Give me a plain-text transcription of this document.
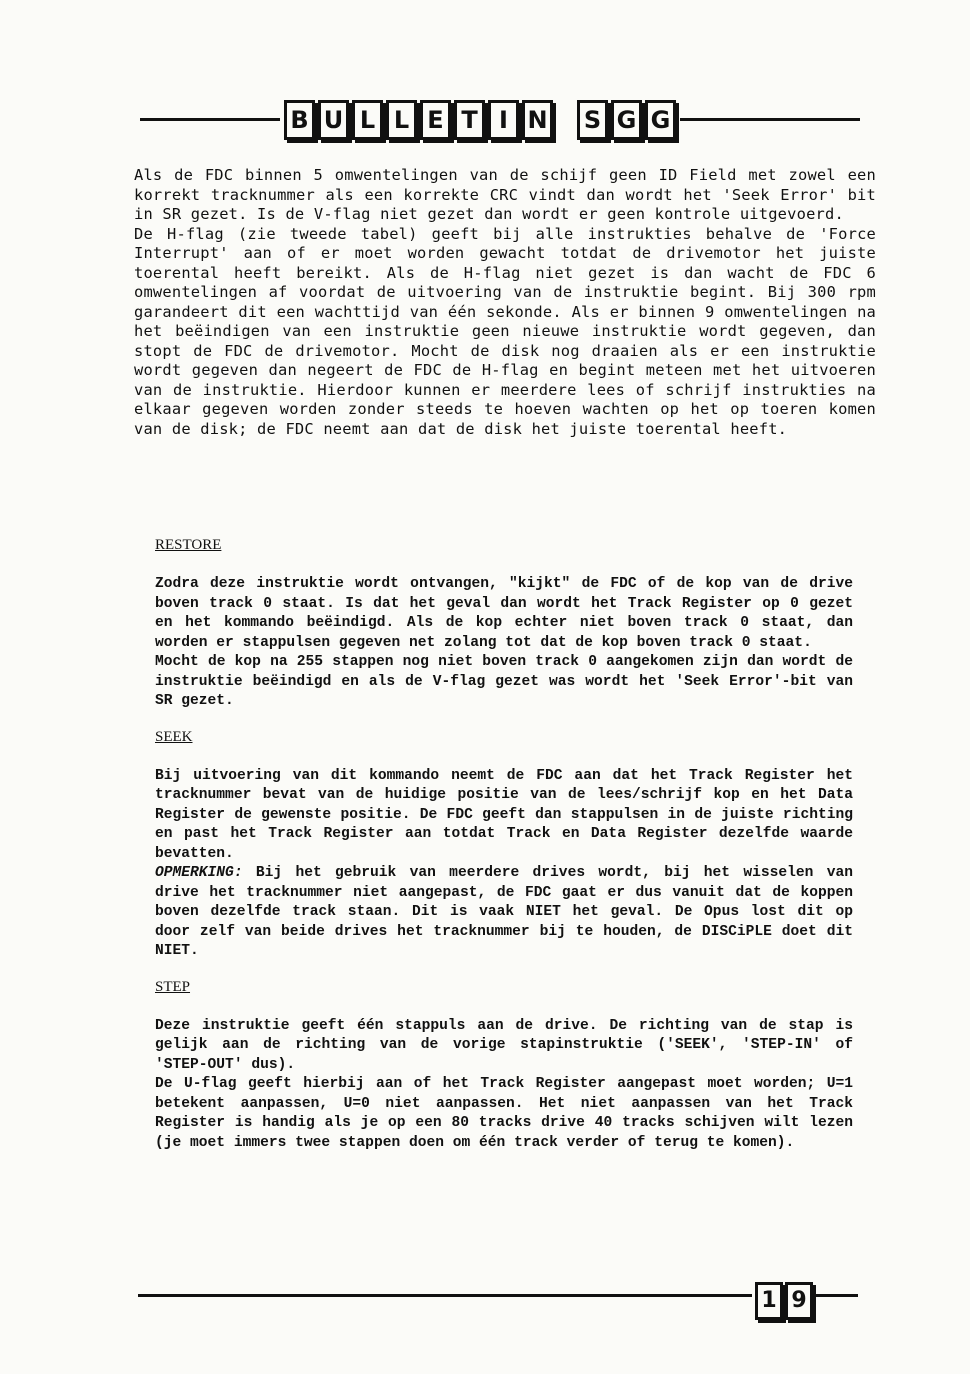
B U L L E T I N S G G

Als de FDC binnen 5 omwentelingen van de schijf geen ID Field met zowel een korrekt tracknummer als een korrekte CRC vindt dan wordt het 'Seek Error' bit in SR gezet. Is de V-flag niet gezet dan wordt er geen kontrole uitgevoerd.

De H-flag (zie tweede tabel) geeft bij alle instrukties behalve de 'Force Interrupt' aan of er moet worden gewacht totdat de drivemotor het juiste toerental heeft bereikt. Als de H-flag niet gezet is dan wacht de FDC 6 omwentelingen af voordat de uitvoering van de instruktie begint. Bij 300 rpm garandeert dit een wachttijd van één sekonde. Als er binnen 9 omwentelingen na het beëindigen van een instruktie geen nieuwe instruktie wordt gegeven, dan stopt de FDC de drivemotor. Mocht de disk nog draaien als er een instruktie wordt gegeven dan negeert de FDC de H-flag en begint meteen met het uitvoeren van de instruktie. Hierdoor kunnen er meerdere lees of schrijf instrukties na elkaar gegeven worden zonder steeds te hoeven wachten op het op toeren komen van de disk; de FDC neemt aan dat de disk het juiste toerental heeft.

RESTORE

Zodra deze instruktie wordt ontvangen, "kijkt" de FDC of de kop van de drive boven track 0 staat. Is dat het geval dan wordt het Track Register op 0 gezet en het kommando beëindigd. Als de kop echter niet boven track 0 staat, dan worden er stappulsen gegeven net zolang tot dat de kop boven track 0 staat.

Mocht de kop na 255 stappen nog niet boven track 0 aangekomen zijn dan wordt de instruktie beëindigd en als de V-flag gezet was wordt het 'Seek Error'-bit van SR gezet.

SEEK

Bij uitvoering van dit kommando neemt de FDC aan dat het Track Register het tracknummer bevat van de huidige positie van de lees/schrijf kop en het Data Register de gewenste positie. De FDC geeft dan stappulsen in de juiste richting en past het Track Register aan totdat Track en Data Register dezelfde waarde bevatten.

OPMERKING: Bij het gebruik van meerdere drives wordt, bij het wisselen van drive het tracknummer niet aangepast, de FDC gaat er dus vanuit dat de koppen boven dezelfde track staan. Dit is vaak NIET het geval. De Opus lost dit op door zelf van beide drives het tracknummer bij te houden, de DISCiPLE doet dit NIET.

STEP

Deze instruktie geeft één stappuls aan de drive. De richting van de stap is gelijk aan de richting van de vorige stapinstruktie ('SEEK', 'STEP-IN' of 'STEP-OUT' dus).

De U-flag geeft hierbij aan of het Track Register aangepast moet worden; U=1 betekent aanpassen, U=0 niet aanpassen. Het niet aanpassen van het Track Register is handig als je op een 80 tracks drive 40 tracks schijven wilt lezen (je moet immers twee stappen doen om één track verder of terug te komen).

1 9
